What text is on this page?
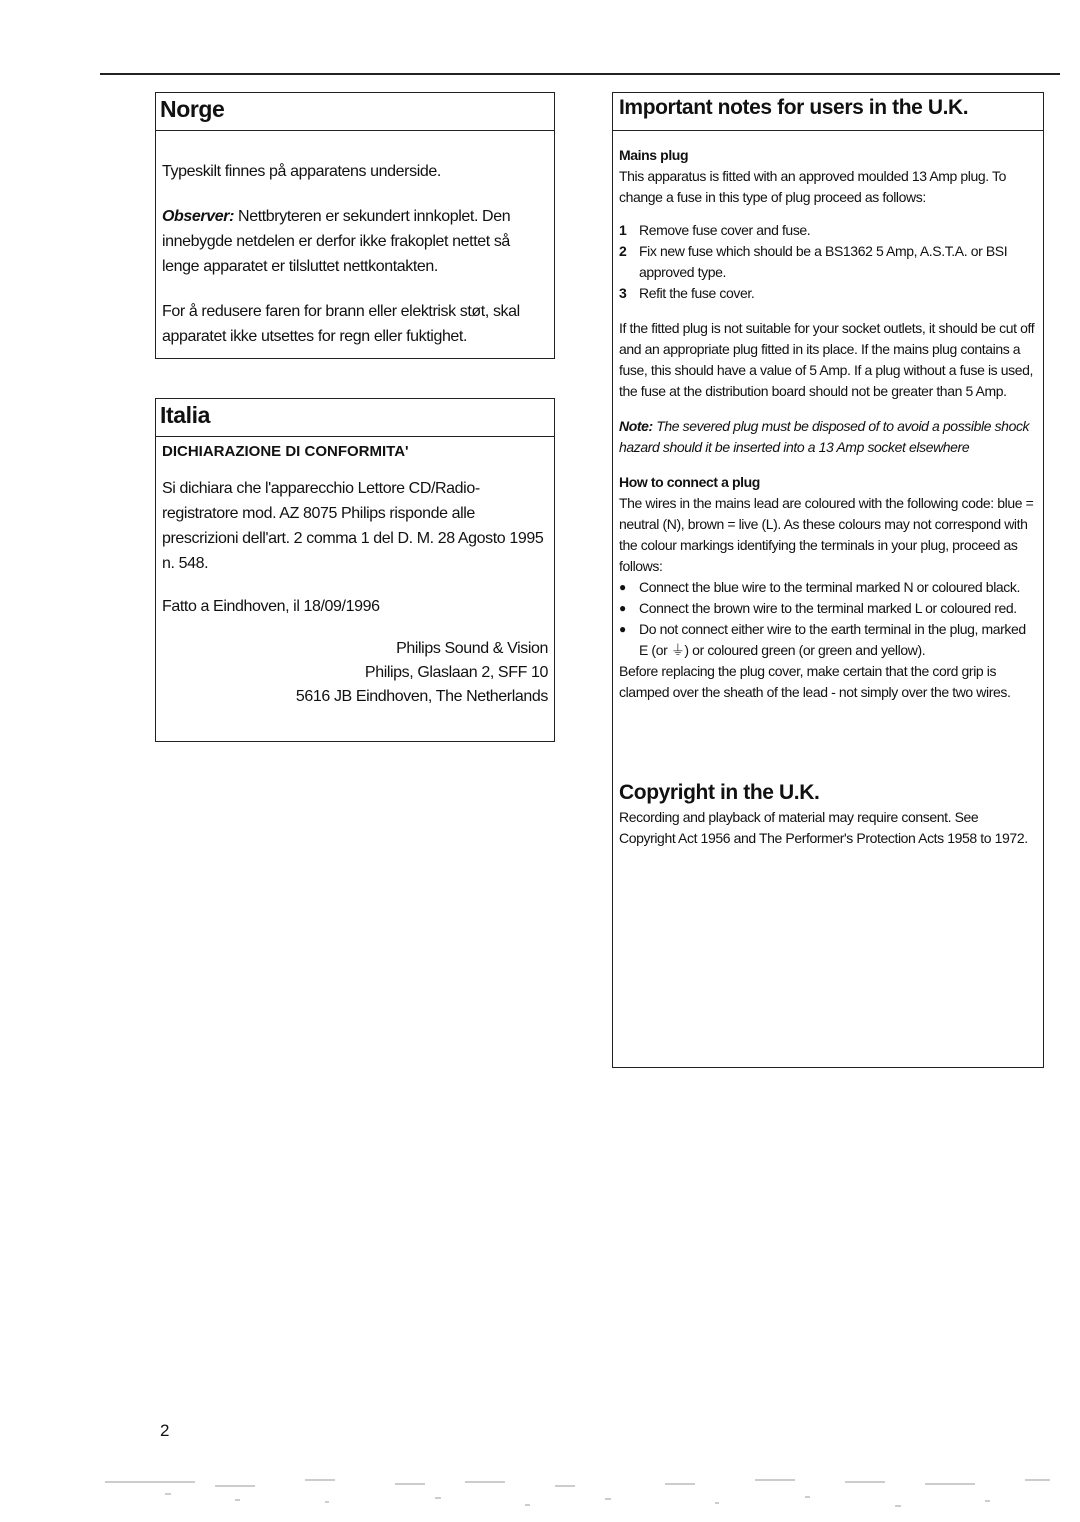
Norge

Typeskilt finnes på apparatens underside.

Observer: Nettbryteren er sekundert innkoplet. Den innebygde netdelen er derfor ikke frakoplet nettet så lenge apparatet er tilsluttet nettkontakten.

For å redusere faren for brann eller elektrisk støt, skal apparatet ikke utsettes for regn eller fuktighet.

Italia
DICHIARAZIONE DI CONFORMITA'

Si dichiara che l'apparecchio Lettore CD/Radio-registratore mod. AZ 8075 Philips risponde alle prescrizioni dell'art. 2 comma 1 del D. M. 28 Agosto 1995 n. 548.

Fatto a Eindhoven, il 18/09/1996

Philips Sound & Vision
Philips, Glaslaan 2, SFF 10
5616 JB Eindhoven, The Netherlands
Important notes for users in the U.K.

Mains plug

This apparatus is fitted with an approved moulded 13 Amp plug. To change a fuse in this type of plug proceed as follows:

1 Remove fuse cover and fuse.
2 Fix new fuse which should be a BS1362 5 Amp, A.S.T.A. or BSI approved type.
3 Refit the fuse cover.

If the fitted plug is not suitable for your socket outlets, it should be cut off and an appropriate plug fitted in its place. If the mains plug contains a fuse, this should have a value of 5 Amp. If a plug without a fuse is used, the fuse at the distribution board should not be greater than 5 Amp.

Note: The severed plug must be disposed of to avoid a possible shock hazard should it be inserted into a 13 Amp socket elsewhere

How to connect a plug

The wires in the mains lead are coloured with the following code: blue = neutral (N), brown = live (L). As these colours may not correspond with the colour markings identifying the terminals in your plug, proceed as follows:

● Connect the blue wire to the terminal marked N or coloured black.
● Connect the brown wire to the terminal marked L or coloured red.
● Do not connect either wire to the earth terminal in the plug, marked E (or ⏚) or coloured green (or green and yellow).

Before replacing the plug cover, make certain that the cord grip is clamped over the sheath of the lead - not simply over the two wires.

Copyright in the U.K.

Recording and playback of material may require consent. See Copyright Act 1956 and The Performer's Protection Acts 1958 to 1972.

2
